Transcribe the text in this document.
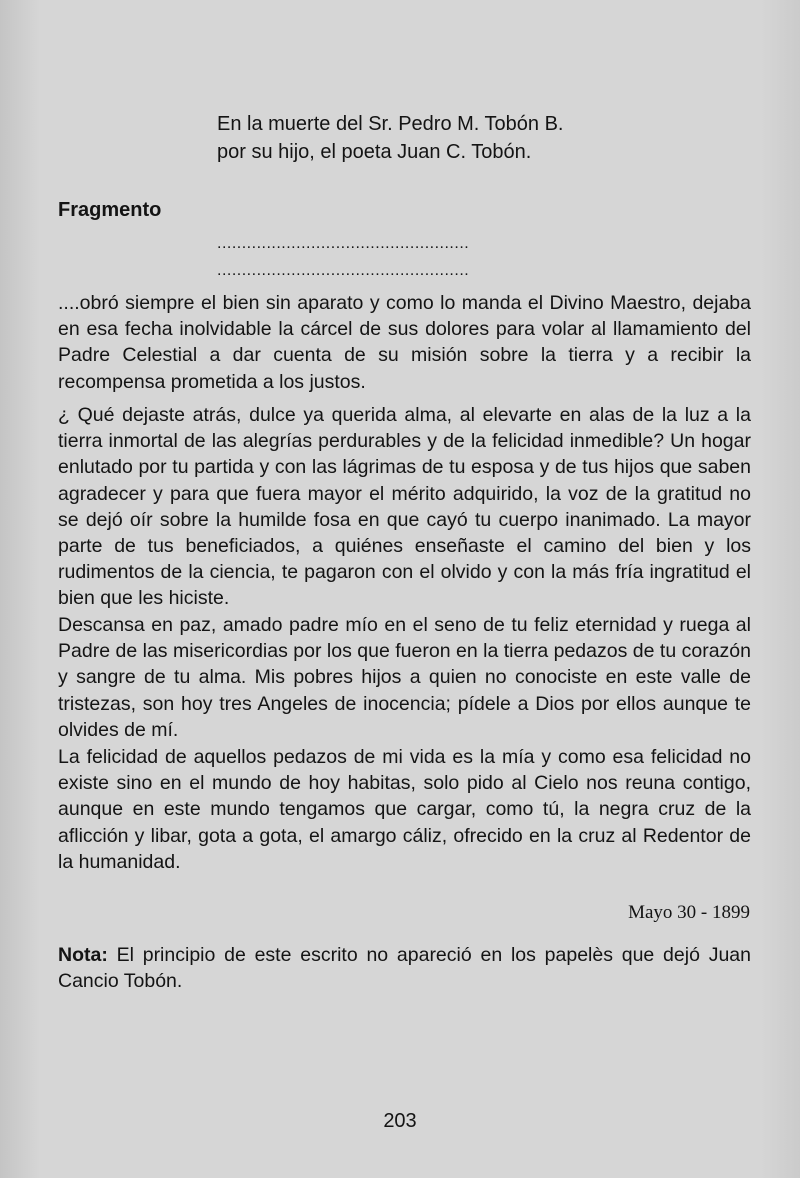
En la muerte del Sr. Pedro M. Tobón B.
por su hijo, el poeta Juan C. Tobón.
Fragmento
...................................................
...................................................

....obró siempre el bien sin aparato y como lo manda el Divino Maestro, dejaba en esa fecha inolvidable la cárcel de sus dolores para volar al llamamiento del Padre Celestial a dar cuenta de su misión sobre la tierra y a recibir la recompensa prometida a los justos.

¿ Qué dejaste atrás, dulce ya querida alma, al elevarte en alas de la luz a la tierra inmortal de las alegrías perdurables y de la felicidad inmedible? Un hogar enlutado por tu partida y con las lágrimas de tu esposa y de tus hijos que saben agradecer y para que fuera mayor el mérito adquirido, la voz de la gratitud no se dejó oír sobre la humilde fosa en que cayó tu cuerpo inanimado. La mayor parte de tus beneficiados, a quiénes enseñaste el camino del bien y los rudimentos de la ciencia, te pagaron con el olvido y con la más fría ingratitud el bien que les hiciste.

Descansa en paz, amado padre mío en el seno de tu feliz eternidad y ruega al Padre de las misericordias por los que fueron en la tierra pedazos de tu corazón y sangre de tu alma. Mis pobres hijos a quien no conociste en este valle de tristezas, son hoy tres Angeles de inocencia; pídele a Dios por ellos aunque te olvides de mí.

La felicidad de aquellos pedazos de mi vida es la mía y como esa felicidad no existe sino en el mundo de hoy habitas, solo pido al Cielo nos reuna contigo, aunque en este mundo tengamos que cargar, como tú, la negra cruz de la aflicción y libar, gota a gota, el amargo cáliz, ofrecido en la cruz al Redentor de la humanidad.

Mayo 30 - 1899

Nota: El principio de este escrito no apareció en los papelès que dejó Juan Cancio Tobón.

203
